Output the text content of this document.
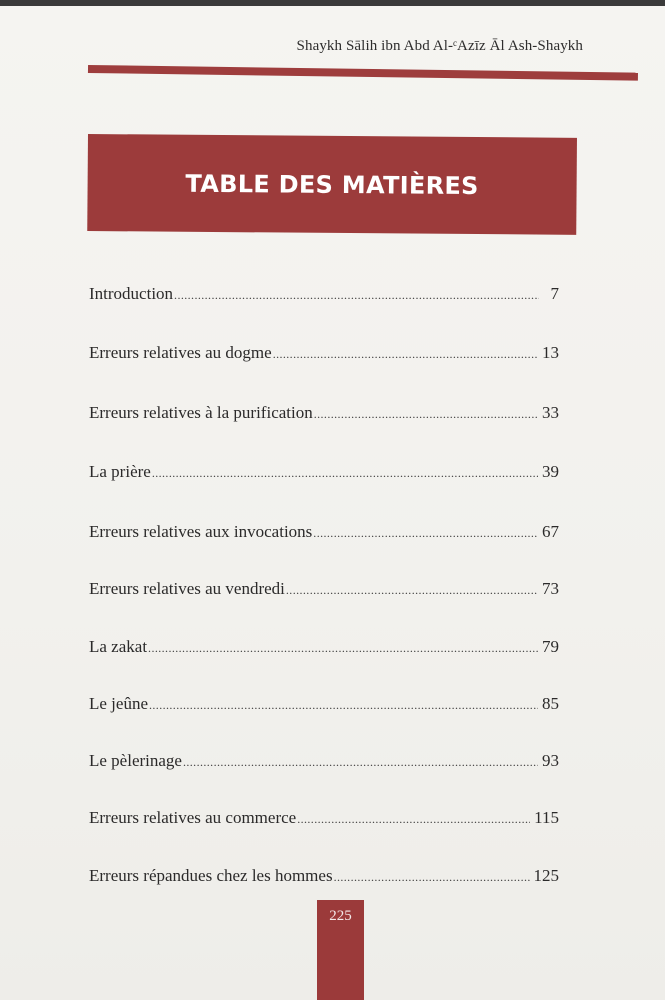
Shaykh Sālih ibn Abd Al-ᶜAzīz Āl Ash-Shaykh
TABLE DES MATIÈRES
Introduction .....	7
Erreurs relatives au dogme .....	13
Erreurs relatives à la purification .....	33
La prière .....	39
Erreurs relatives aux invocations .....	67
Erreurs relatives au vendredi .....	73
La zakat .....	79
Le jeûne .....	85
Le pèlerinage .....	93
Erreurs relatives au commerce .....	115
Erreurs répandues chez les hommes .....	125
225
